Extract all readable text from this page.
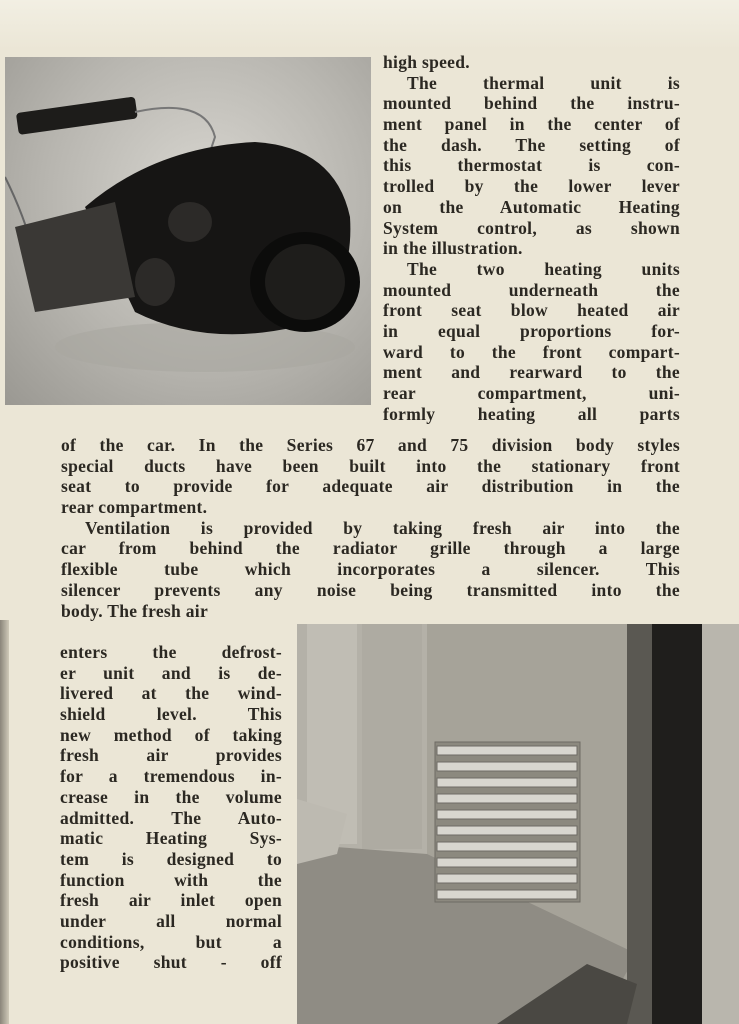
high speed.
The thermal unit is
mounted behind the instru-
ment panel in the center of
the dash. The setting of
this thermostat is con-
trolled by the lower lever
on the Automatic Heating
System control, as shown
in the illustration.
The two heating units
mounted underneath the
front seat blow heated air
in equal proportions for-
ward to the front compart-
ment and rearward to the
rear compartment, uni-
formly heating all parts
of the car. In the Series 67 and 75 division body styles
special ducts have been built into the stationary front
seat to provide for adequate air distribution in the
rear compartment.
Ventilation is provided by taking fresh air into the
car from behind the radiator grille through a large
flexible tube which incorporates a silencer. This
silencer prevents any noise being transmitted into the
body. The fresh air
enters the defrost-
er unit and is de-
livered at the wind-
shield level. This
new method of taking
fresh air provides
for a tremendous in-
crease in the volume
admitted. The Auto-
matic Heating Sys-
tem is designed to
function with the
fresh air inlet open
under all normal
conditions, but a
positive shut - off
